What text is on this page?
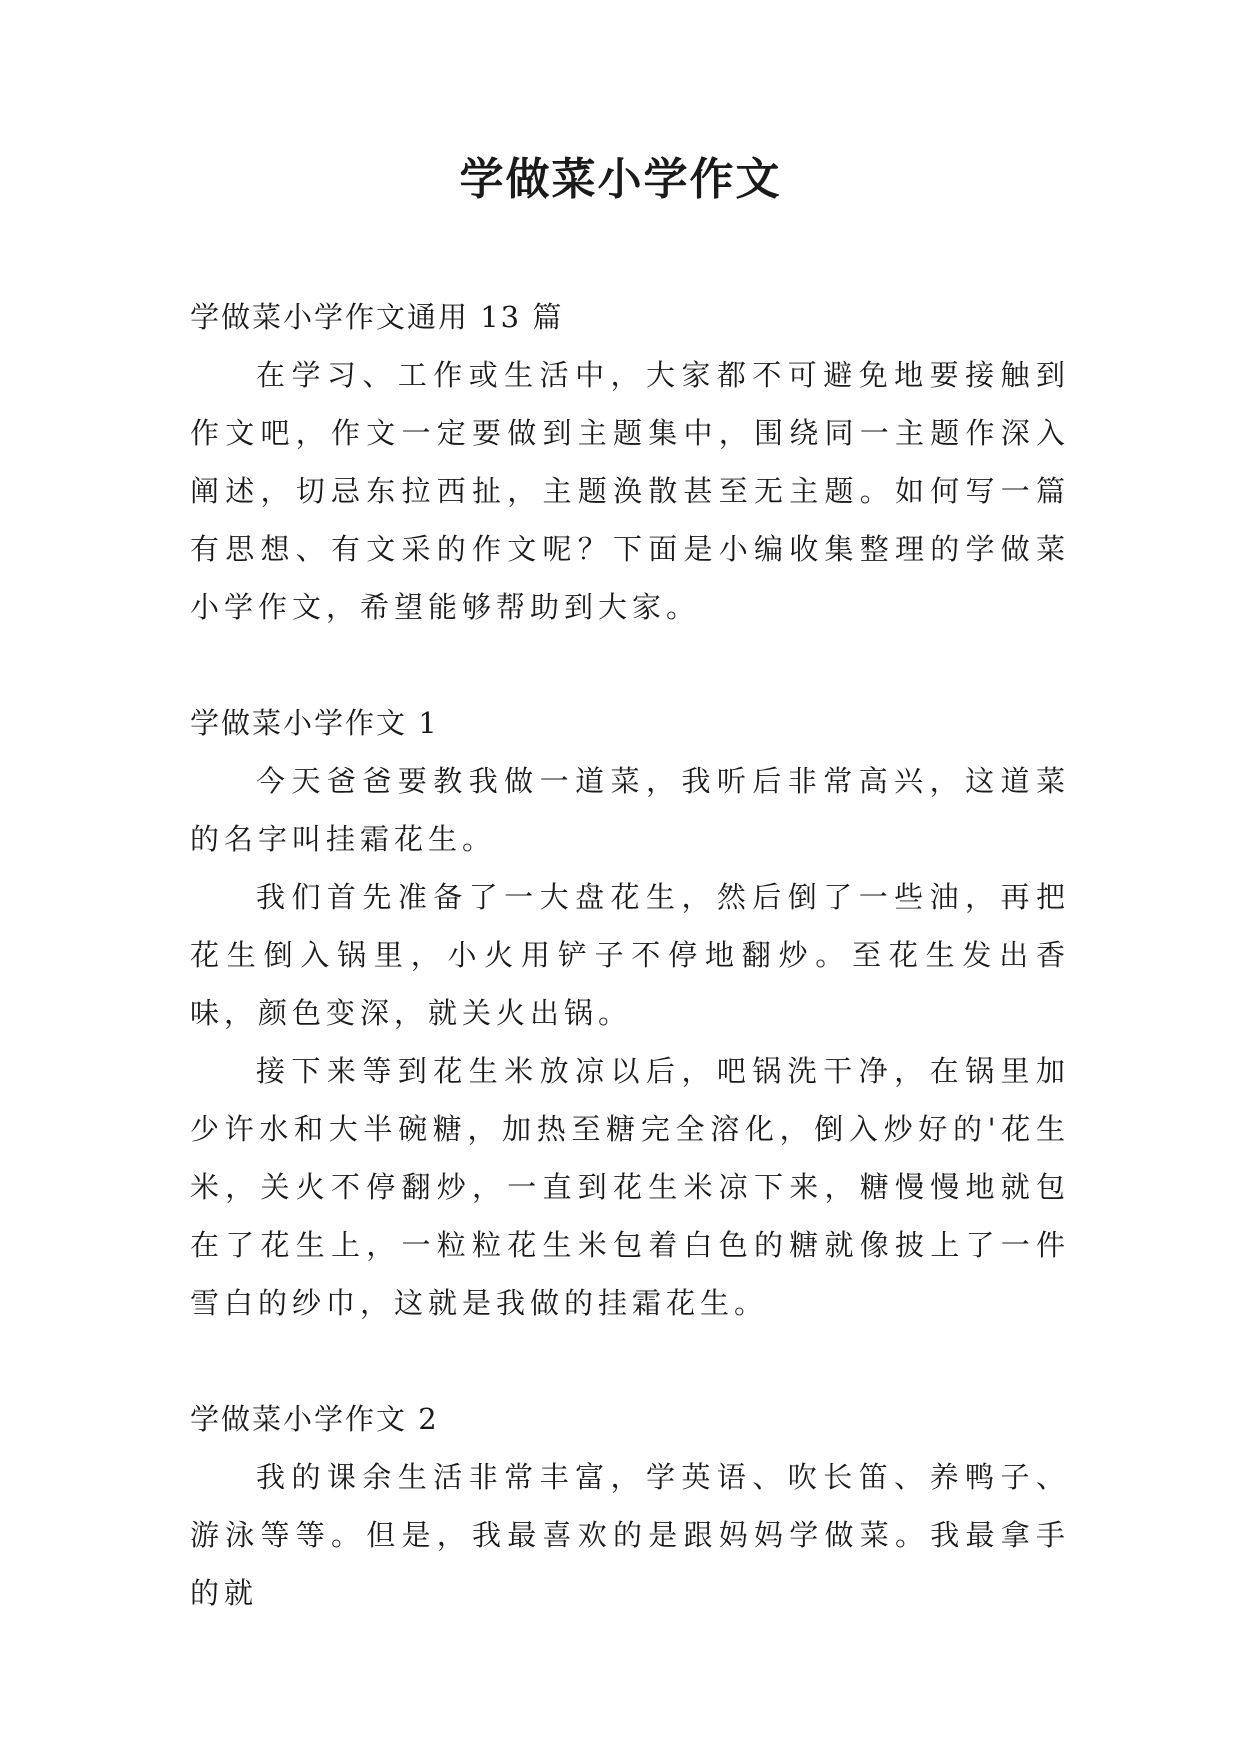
学做菜小学作文

学做菜小学作文通用 13 篇

在学习、工作或生活中，大家都不可避免地要接触到作文吧，作文一定要做到主题集中，围绕同一主题作深入阐述，切忌东拉西扯，主题涣散甚至无主题。如何写一篇有思想、有文采的作文呢？下面是小编收集整理的学做菜小学作文，希望能够帮助到大家。

学做菜小学作文 1

今天爸爸要教我做一道菜，我听后非常高兴，这道菜的名字叫挂霜花生。

我们首先准备了一大盘花生，然后倒了一些油，再把花生倒入锅里，小火用铲子不停地翻炒。至花生发出香味，颜色变深，就关火出锅。

接下来等到花生米放凉以后，吧锅洗干净，在锅里加少许水和大半碗糖，加热至糖完全溶化，倒入炒好的'花生米，关火不停翻炒，一直到花生米凉下来，糖慢慢地就包在了花生上，一粒粒花生米包着白色的糖就像披上了一件雪白的纱巾，这就是我做的挂霜花生。

学做菜小学作文 2

我的课余生活非常丰富，学英语、吹长笛、养鸭子、游泳等等。但是，我最喜欢的是跟妈妈学做菜。我最拿手的就
